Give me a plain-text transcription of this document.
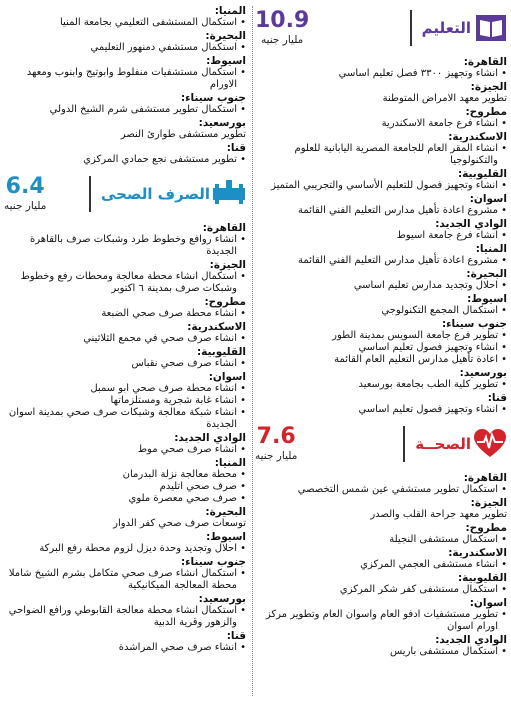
التعليم
10.9
مليار جنيه
القاهرة:
• انشاء وتجهيز ٣٣٠٠ فصل تعليم اساسي
الجيزة:
تطوير معهد الامراض المتوطنة
مطروح:
• انشاء فرع جامعة الاسكندرية
الاسكندرية:
• انشاء المقر العام للجامعة المصرية اليابانية للعلوم والتكنولوجيا
القليوبية:
• انشاء وتجهيز فصول للتعليم الأساسي والتجريبي المتميز
اسوان:
• مشروع اعادة تأهيل مدارس التعليم الفني القائمة
الوادي الجديد:
• انشاء فرع جامعة اسيوط
المنيا:
• مشروع اعادة تأهيل مدارس التعليم الفني القائمة
البحيرة:
• احلال وتجديد مدارس تعليم اساسي
اسيوط:
• استكمال المجمع التكنولوجي
جنوب سيناء:
• تطوير فرع جامعة السويس بمدينة الطور
• انشاء وتجهيز فصول تعليم اساسي
• اعادة تأهيل مدارس التعليم العام القائمة
بورسعيد:
• تطوير كلية الطب بجامعة بورسعيد
قنا:
• انشاء وتجهيز فصول تعليم اساسي
الصحــة
7.6
مليار جنيه
القاهرة:
• استكمال تطوير مستشفي عين شمس التخصصي
الجيزة:
تطوير معهد جراحة القلب والصدر
مطروح:
• استكمال مستشفى النجيلة
الاسكندرية:
• انشاء مستشفى العجمي المركزي
القليوبية:
• استكمال مستشفى كفر شكر المركزي
اسوان:
• تطوير مستشفيات ادفو العام واسوان العام وتطوير مركز اورام اسوان
الوادي الجديد:
• استكمال مستشفى باريس
المنيا:
• استكمال المستشفى التعليمي بجامعة المنيا
البحيرة:
• استكمال مستشفي دمنهور التعليمي
اسيوط:
• استكمال مستشفيات منفلوط وابوتيج وابنوب ومعهد الاورام
جنوب سيناء:
• استكمال تطوير مستشفى شرم الشيخ الدولي
بورسعيد:
تطوير مستشفى طوارئ النصر
قنا:
• تطوير مستشفى نجع حمادي المركزي
الصرف الصحى
6.4
مليار جنيه
القاهرة:
• انشاء روافع وخطوط طرد وشبكات صرف بالقاهرة الجديدة
الجيزة:
• استكمال انشاء محطة معالجة ومحطات رفع وخطوط وشبكات صرف بمدينة ٦ اكتوبر
مطروح:
• انشاء محطة صرف صحي الضبعة
الاسكندرية:
• انشاء صرف صحي في مجمع الثلاثيني
القليوبية:
• انشاء صرف صحي نقباس
اسوان:
• انشاء محطة صرف صحي ابو سمبل
• انشاء غابة شجرية ومستلزماتها
• انشاء شبكة معالجة وشبكات صرف صحي بمدينة اسوان الجديدة
الوادي الجديد:
• انشاء صرف صحي موط
المنيا:
• محطة معالجة نزلة البدرمان
• صرف صحي اتليدم
• صرف صحي معصرة ملوي
البحيرة:
توسعات صرف صحي كفر الدوار
اسيوط:
• احلال وتجديد وحدة ديزل لزوم محطة رفع البركة
جنوب سيناء:
• استكمال انشاء صرف صحي متكامل بشرم الشيخ شاملا محطة المعالجة الميكانيكية
بورسعيد:
• استكمال انشاء محطة معالجة القابوطي ورافع الضواحي والزهور وقرية الدبية
قنا:
• انشاء صرف صحي المراشدة
